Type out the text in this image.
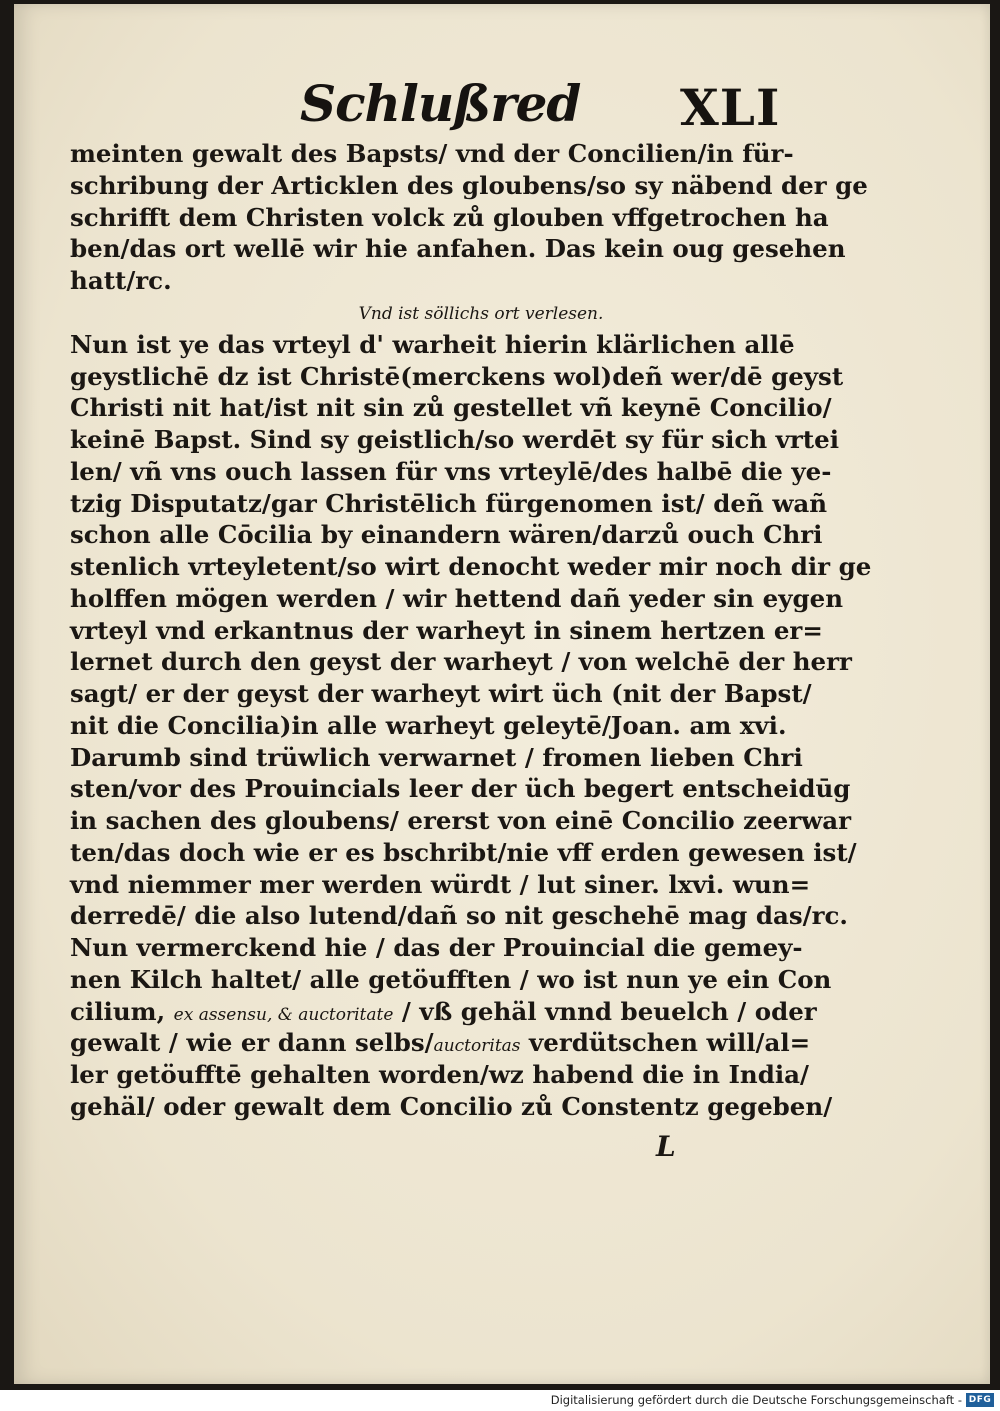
Schlußred XLI
meinten gewalt des Bapsts/ vnd der Concilien/in für-
schribung der Articklen des gloubens/so sy näbend der ge
schrifft dem Christen volck zů glouben vffgetrochen ha
ben/das ort wellē wir hie anfahen. Das kein oug gesehen
hatt/rc.
Vnd ist söllichs ort verlesen.
Nun ist ye das vrteyl d' warheit hierin klärlichen allē
geystlichē dz ist Christē(merckens wol)deñ wer/dē geyst
Christi nit hat/ist nit sin zů gestellet vñ keynē Concilio/
keinē Bapst. Sind sy geistlich/so werdēt sy für sich vrtei
len/ vñ vns ouch lassen für vns vrteylē/des halbē die ye-
tzig Disputatz/gar Christēlich fürgenomen ist/ deñ wañ
schon alle Cōcilia by einandern wären/darzů ouch Chri
stenlich vrteyletent/so wirt denocht weder mir noch dir ge
holffen mögen werden / wir hettend dañ yeder sin eygen
vrteyl vnd erkantnus der warheyt in sinem hertzen er=
lernet durch den geyst der warheyt / von welchē der herr
sagt/ er der geyst der warheyt wirt üch (nit der Bapst/
nit die Concilia)in alle warheyt geleytē/Joan. am xvi.
Darumb sind trüwlich verwarnet / fromen lieben Chri
sten/vor des Prouincials leer der üch begert entscheidūg
in sachen des gloubens/ ererst von einē Concilio zeerwar
ten/das doch wie er es bschribt/nie vff erden gewesen ist/
vnd niemmer mer werden würdt / lut siner. lxvi. wun=
derredē/ die also lutend/dañ so nit geschehē mag das/rc.
Nun vermerckend hie / das der Prouincial die gemey-
nen Kilch haltet/ alle getöufften / wo ist nun ye ein Con
cilium, ex assensu, & auctoritate / vß gehäl vnnd beuelch / oder
gewalt / wie er dann selbs/auctoritas verdütschen will/al=
ler getöufftē gehalten worden/wz habend die in India/
gehäl/ oder gewalt dem Concilio zů Constentz gegeben/
L
Digitalisierung gefördert durch die Deutsche Forschungsgemeinschaft - DFG
